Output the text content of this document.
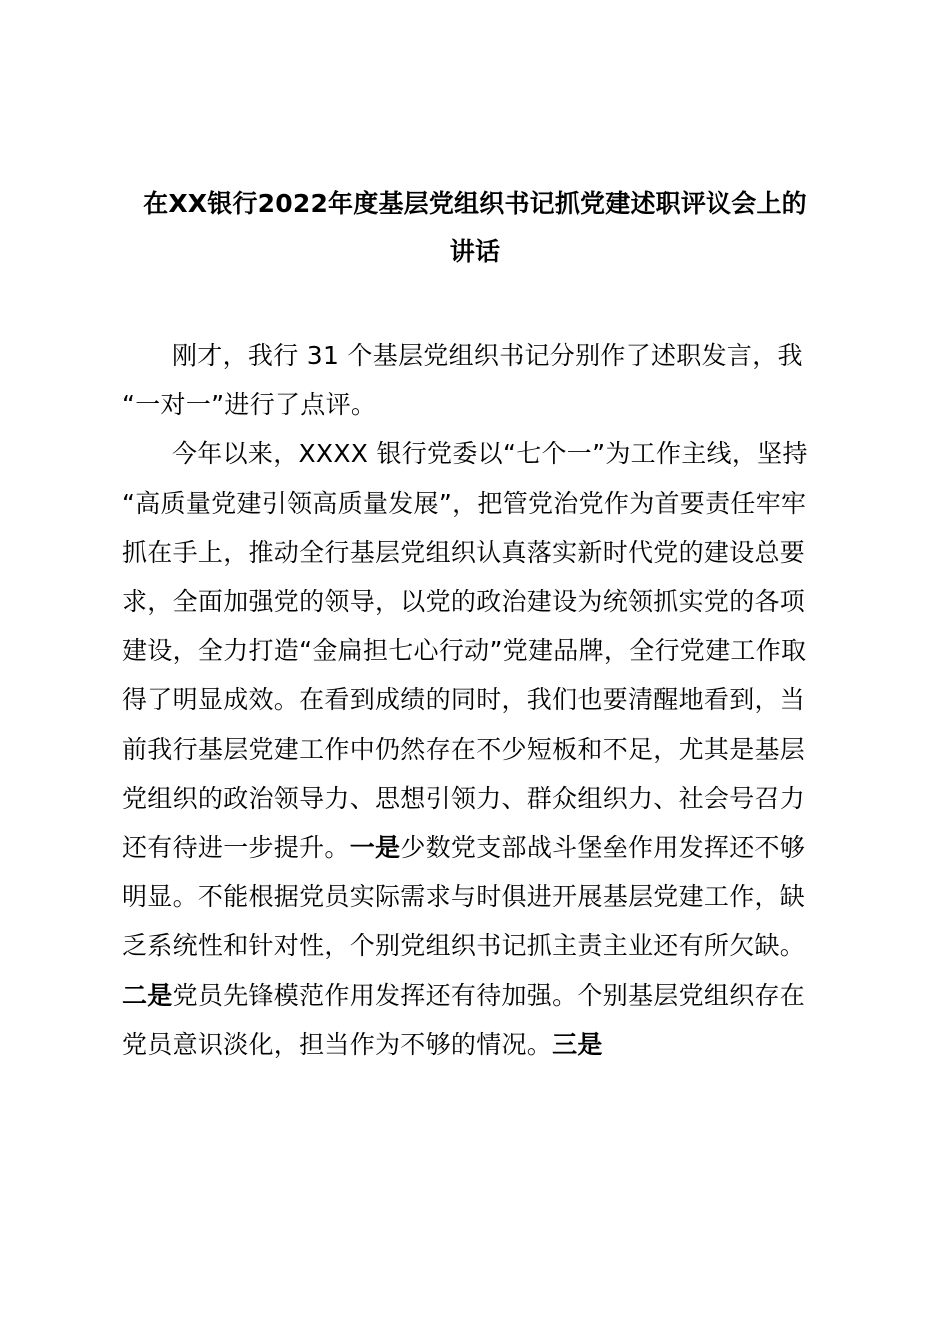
在XX银行2022年度基层党组织书记抓党建述职评议会上的
讲话
刚才，我行 31 个基层党组织书记分别作了述职发言，我
“一对一”进行了点评。
今年以来，XXXX 银行党委以“七个一”为工作主线，坚持
“高质量党建引领高质量发展”，把管党治党作为首要责任牢牢
抓在手上，推动全行基层党组织认真落实新时代党的建设总要
求，全面加强党的领导，以党的政治建设为统领抓实党的各项
建设，全力打造“金扁担七心行动”党建品牌，全行党建工作取
得了明显成效。在看到成绩的同时，我们也要清醒地看到，当
前我行基层党建工作中仍然存在不少短板和不足，尤其是基层
党组织的政治领导力、思想引领力、群众组织力、社会号召力
还有待进一步提升。一是少数党支部战斗堡垒作用发挥还不够
明显。不能根据党员实际需求与时俱进开展基层党建工作，缺
乏系统性和针对性，个别党组织书记抓主责主业还有所欠缺。
二是党员先锋模范作用发挥还有待加强。个别基层党组织存在
党员意识淡化，担当作为不够的情况。三是
